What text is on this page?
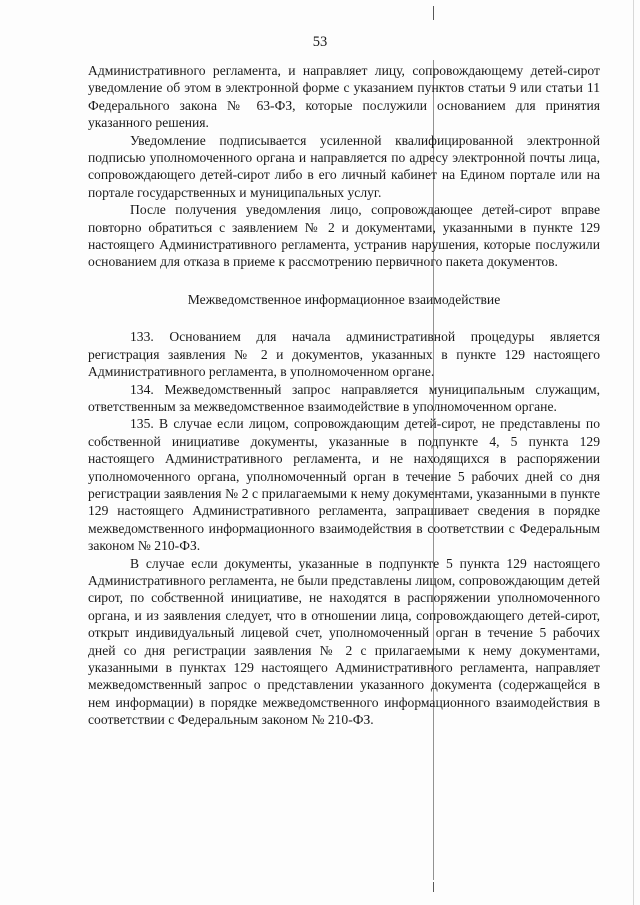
53

Административного регламента, и направляет лицу, сопровождающему детей-сирот уведомление об этом в электронной форме с указанием пунктов статьи 9 или статьи 11 Федерального закона № 63-ФЗ, которые послужили основанием для принятия указанного решения.

Уведомление подписывается усиленной квалифицированной электронной подписью уполномоченного органа и направляется по адресу электронной почты лица, сопровождающего детей-сирот либо в его личный кабинет на Едином портале или на портале государственных и муниципальных услуг.

После получения уведомления лицо, сопровождающее детей-сирот вправе повторно обратиться с заявлением № 2 и документами, указанными в пункте 129 настоящего Административного регламента, устранив нарушения, которые послужили основанием для отказа в приеме к рассмотрению первичного пакета документов.

Межведомственное информационное взаимодействие

133. Основанием для начала административной процедуры является регистрация заявления № 2 и документов, указанных в пункте 129 настоящего Административного регламента, в уполномоченном органе.

134. Межведомственный запрос направляется муниципальным служащим, ответственным за межведомственное взаимодействие в уполномоченном органе.

135. В случае если лицом, сопровождающим детей-сирот, не представлены по собственной инициативе документы, указанные в подпункте 4, 5 пункта 129 настоящего Административного регламента, и не находящихся в распоряжении уполномоченного органа, уполномоченный орган в течение 5 рабочих дней со дня регистрации заявления № 2 с прилагаемыми к нему документами, указанными в пункте 129 настоящего Административного регламента, запрашивает сведения в порядке межведомственного информационного взаимодействия в соответствии с Федеральным законом № 210-ФЗ.

В случае если документы, указанные в подпункте 5 пункта 129 настоящего Административного регламента, не были представлены лицом, сопровождающим детей сирот, по собственной инициативе, не находятся в распоряжении уполномоченного органа, и из заявления следует, что в отношении лица, сопровождающего детей-сирот, открыт индивидуальный лицевой счет, уполномоченный орган в течение 5 рабочих дней со дня регистрации заявления № 2 с прилагаемыми к нему документами, указанными в пунктах 129 настоящего Административного регламента, направляет межведомственный запрос о представлении указанного документа (содержащейся в нем информации) в порядке межведомственного информационного взаимодействия в соответствии с Федеральным законом № 210-ФЗ.
